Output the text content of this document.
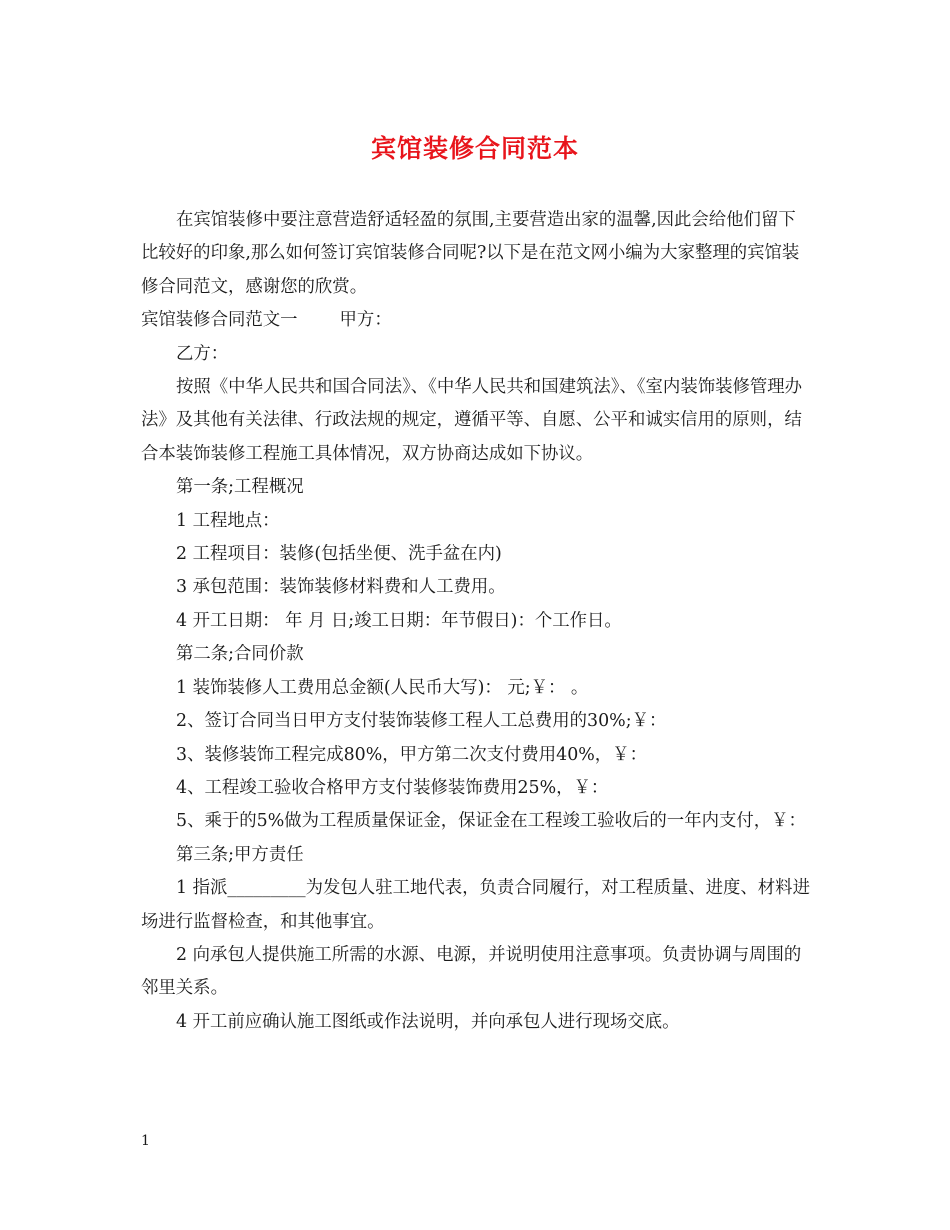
宾馆装修合同范本

在宾馆装修中要注意营造舒适轻盈的氛围,主要营造出家的温馨,因此会给他们留下比较好的印象,那么如何签订宾馆装修合同呢?以下是在范文网小编为大家整理的宾馆装修合同范文，感谢您的欣赏。

宾馆装修合同范文一 甲方：

乙方：

按照《中华人民共和国合同法》、《中华人民共和国建筑法》、《室内装饰装修管理办法》及其他有关法律、行政法规的规定，遵循平等、自愿、公平和诚实信用的原则，结合本装饰装修工程施工具体情况，双方协商达成如下协议。

第一条;工程概况

1 工程地点：

2 工程项目：装修(包括坐便、洗手盆在内)

3 承包范围：装饰装修材料费和人工费用。

4 开工日期： 年 月 日;竣工日期：年节假日)：个工作日。

第二条;合同价款

1 装饰装修人工费用总金额(人民币大写)： 元;￥： 。

2、签订合同当日甲方支付装饰装修工程人工总费用的30%;￥：

3、装修装饰工程完成80%，甲方第二次支付费用40%，￥：

4、工程竣工验收合格甲方支付装修装饰费用25%，￥：

5、乘于的5%做为工程质量保证金，保证金在工程竣工验收后的一年内支付，￥：

第三条;甲方责任

1 指派_________为发包人驻工地代表，负责合同履行，对工程质量、进度、材料进场进行监督检查，和其他事宜。

2 向承包人提供施工所需的水源、电源，并说明使用注意事项。负责协调与周围的邻里关系。

4 开工前应确认施工图纸或作法说明，并向承包人进行现场交底。

1
